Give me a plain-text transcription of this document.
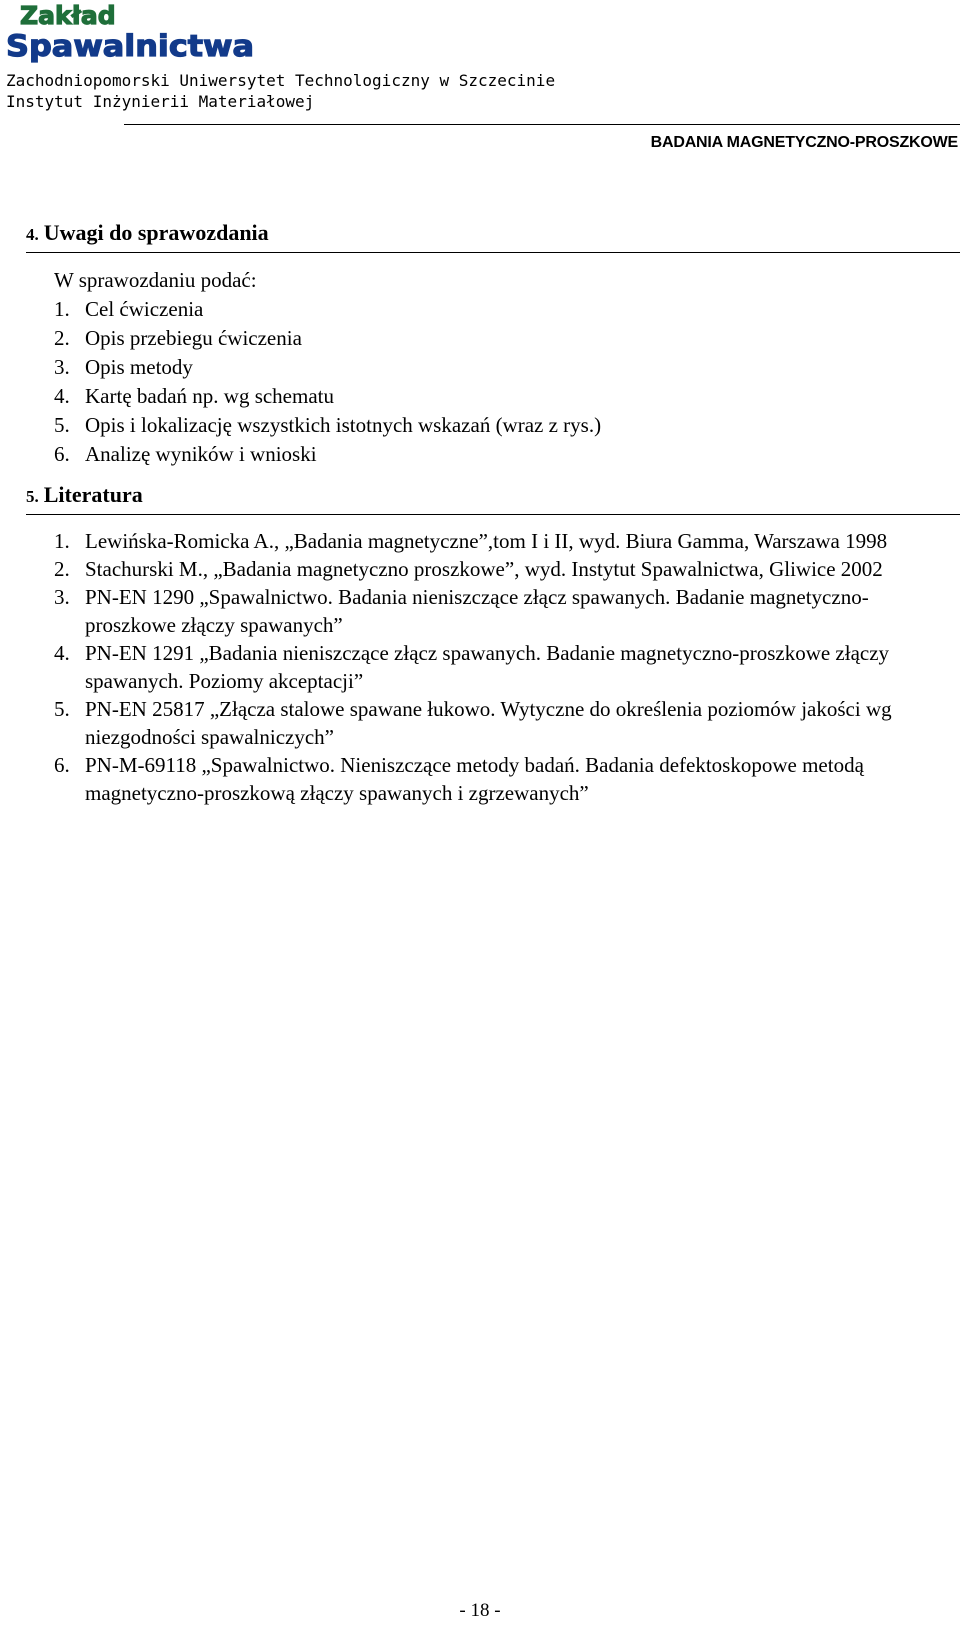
Zakład
Spawalnictwa
Zachodniopomorski Uniwersytet Technologiczny w Szczecinie
Instytut Inżynierii Materiałowej
BADANIA MAGNETYCZNO-PROSZKOWE
4. Uwagi do sprawozdania
W sprawozdaniu podać:
1. Cel ćwiczenia
2. Opis przebiegu ćwiczenia
3. Opis metody
4. Kartę badań np. wg schematu
5. Opis i lokalizację wszystkich istotnych wskazań (wraz z rys.)
6. Analizę wyników i wnioski
5. Literatura
1. Lewińska-Romicka A., „Badania magnetyczne”,tom I i II, wyd. Biura Gamma, Warszawa 1998
2. Stachurski M., „Badania magnetyczno proszkowe”, wyd. Instytut Spawalnictwa, Gliwice 2002
3. PN-EN 1290 „Spawalnictwo. Badania nieniszczące złącz spawanych. Badanie magnetyczno- proszkowe złączy spawanych”
4. PN-EN 1291 „Badania nieniszczące złącz spawanych. Badanie magnetyczno-proszkowe złączy spawanych. Poziomy akceptacji”
5. PN-EN 25817 „Złącza stalowe spawane łukowo. Wytyczne do określenia poziomów jakości wg niezgodności spawalniczych”
6. PN-M-69118 „Spawalnictwo. Nieniszczące metody badań. Badania defektoskopowe metodą magnetyczno-proszkową złączy spawanych i zgrzewanych”
- 18 -
